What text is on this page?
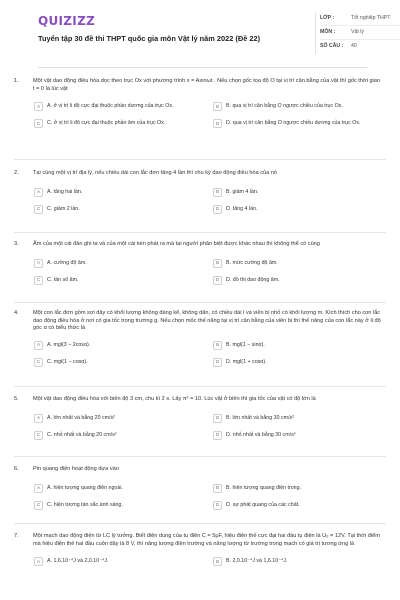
QUIZIZZ
Tuyển tập 30 đề thi THPT quốc gia môn Vật lý năm 2022 (Đề 22)
LỚP :	Tốt nghiệp THPT
MÔN :	Vật lý
SỐ CÂU :	40
1.	Một vật dao động điều hòa dọc theo trục Ox với phương trình x = Asinωt . Nếu chọn gốc tọa độ O tại vị trí cân bằng của vật thì gốc thời gian t = 0 là lúc vật
A	A. ở vị trí li độ cực đại thuộc phần dương của trục Ox.	B	B. qua vị trí cân bằng O ngược chiều của trục Ox.
C	C. ở vị trí li độ cực đại thuộc phần âm của trục Ox.	D	D. qua vị trí cân bằng O ngược chiều dương của trục Ox.
2.	Tại cùng một vị trí địa lý, nếu chiều dài con lắc đơn tăng 4 lần thì chu kỳ dao động điều hòa của nó
A	A. tăng hai lần.	B	B. giảm 4 lần.
C	C. giảm 2 lần.	D	D. tăng 4 lần.
3.	Âm của một cái đàn ghi ta và của một cái kèn phát ra mà tai người phân biệt được khác nhau thì không thể có cùng
A	A. cường độ âm.	B	B. mức cường độ âm.
C	C. tần số âm.	D	D. đồ thị dao động âm.
4.	Một con lắc đơn gồm sợi dây có khối lượng không đáng kể, không dãn, có chiều dài l và viên bi nhỏ có khối lượng m. Kích thích cho con lắc dao động điều hòa ở nơi có gia tốc trọng trường g. Nếu chọn mốc thế năng tại vị trí cân bằng của viên bi thì thế năng của con lắc này ở li độ góc α có biểu thức là
A	A. mgl(3 − 2cosα).	B	B. mgl(1 − sinα).
C	C. mgl(1 − cosα).	D	D. mgl(1 + cosα).
5.	Một vật dao động điều hòa với biên độ 3 cm, chu kì 2 s. Lấy π² = 10. Lúc vật ở biên thì gia tốc của vật có độ lớn là
A	A. lớn nhất và bằng 20 cm/s²	B	B. lớn nhất và bằng 30 cm/s²
C	C. nhỏ nhất và bằng 20 cm/s²	D	D. nhỏ nhất và bằng 30 cm/s²
6.	Pin quang điện hoạt động dựa vào
A	A. hiện tượng quang điện ngoài.	B	B. hiện tượng quang điện trong.
C	C. hiện tượng tán sắc ánh sáng.	D	D. sự phát quang của các chất.
7.	Một mạch dao động điện từ LC lý tưởng. Biết điện dung của tụ điện C = 5μF, hiệu điện thế cực đại hai đầu tụ điện là U₀ = 12V. Tại thời điểm mà hiệu điện thế hai đầu cuộn dây là 8 V, thì năng lượng điện trường và năng lượng từ trường trong mạch có giá trị tương ứng là
A	A. 1,6.10⁻⁴J và 2,0.10⁻⁴J.	B	B. 2,0.10⁻⁴J và 1,6.10⁻⁴J.
